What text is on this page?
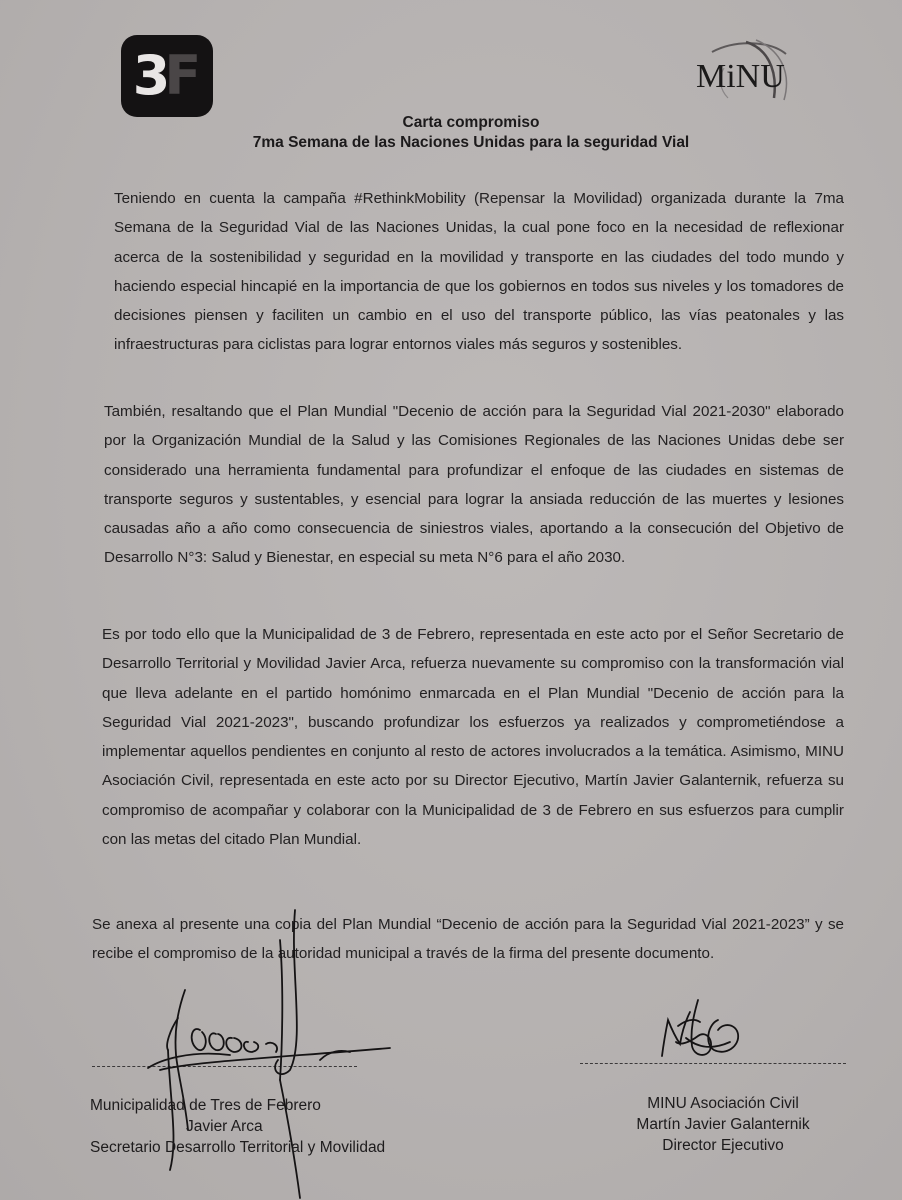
3
F	MiNU
Carta compromiso
7ma Semana de las Naciones Unidas para la seguridad Vial

Teniendo en cuenta la campaña #RethinkMobility (Repensar la Movilidad) organizada durante la 7ma Semana de la Seguridad Vial de las Naciones Unidas, la cual pone foco en la necesidad de reflexionar acerca de la sostenibilidad y seguridad en la movilidad y transporte en las ciudades del todo mundo y haciendo especial hincapié en la importancia de que los gobiernos en todos sus niveles y los tomadores de decisiones piensen y faciliten un cambio en el uso del transporte público, las vías peatonales y las infraestructuras para ciclistas para lograr entornos viales más seguros y sostenibles.

También, resaltando que el Plan Mundial "Decenio de acción para la Seguridad Vial 2021-2030" elaborado por la Organización Mundial de la Salud y las Comisiones Regionales de las Naciones Unidas debe ser considerado una herramienta fundamental para profundizar el enfoque de las ciudades en sistemas de transporte seguros y sustentables, y esencial para lograr la ansiada reducción de las muertes y lesiones causadas año a año como consecuencia de siniestros viales, aportando a la consecución del Objetivo de Desarrollo N°3: Salud y Bienestar, en especial su meta N°6 para el año 2030.

Es por todo ello que la Municipalidad de 3 de Febrero, representada en este acto por el Señor Secretario de Desarrollo Territorial y Movilidad Javier Arca, refuerza nuevamente su compromiso con la transformación vial que lleva adelante en el partido homónimo enmarcada en el Plan Mundial "Decenio de acción para la Seguridad Vial 2021-2023", buscando profundizar los esfuerzos ya realizados y comprometiéndose a implementar aquellos pendientes en conjunto al resto de actores involucrados a la temática. Asimismo, MINU Asociación Civil, representada en este acto por su Director Ejecutivo, Martín Javier Galanternik, refuerza su compromiso de acompañar y colaborar con la Municipalidad de 3 de Febrero en sus esfuerzos para cumplir con las metas del citado Plan Mundial.

Se anexa al presente una copia del Plan Mundial “Decenio de acción para la Seguridad Vial 2021-2023” y se recibe el compromiso de la autoridad municipal a través de la firma del presente documento.

Municipalidad de Tres de Febrero
Javier Arca
Secretario Desarrollo Territorial y Movilidad
MINU Asociación Civil
Martín Javier Galanternik
Director Ejecutivo
